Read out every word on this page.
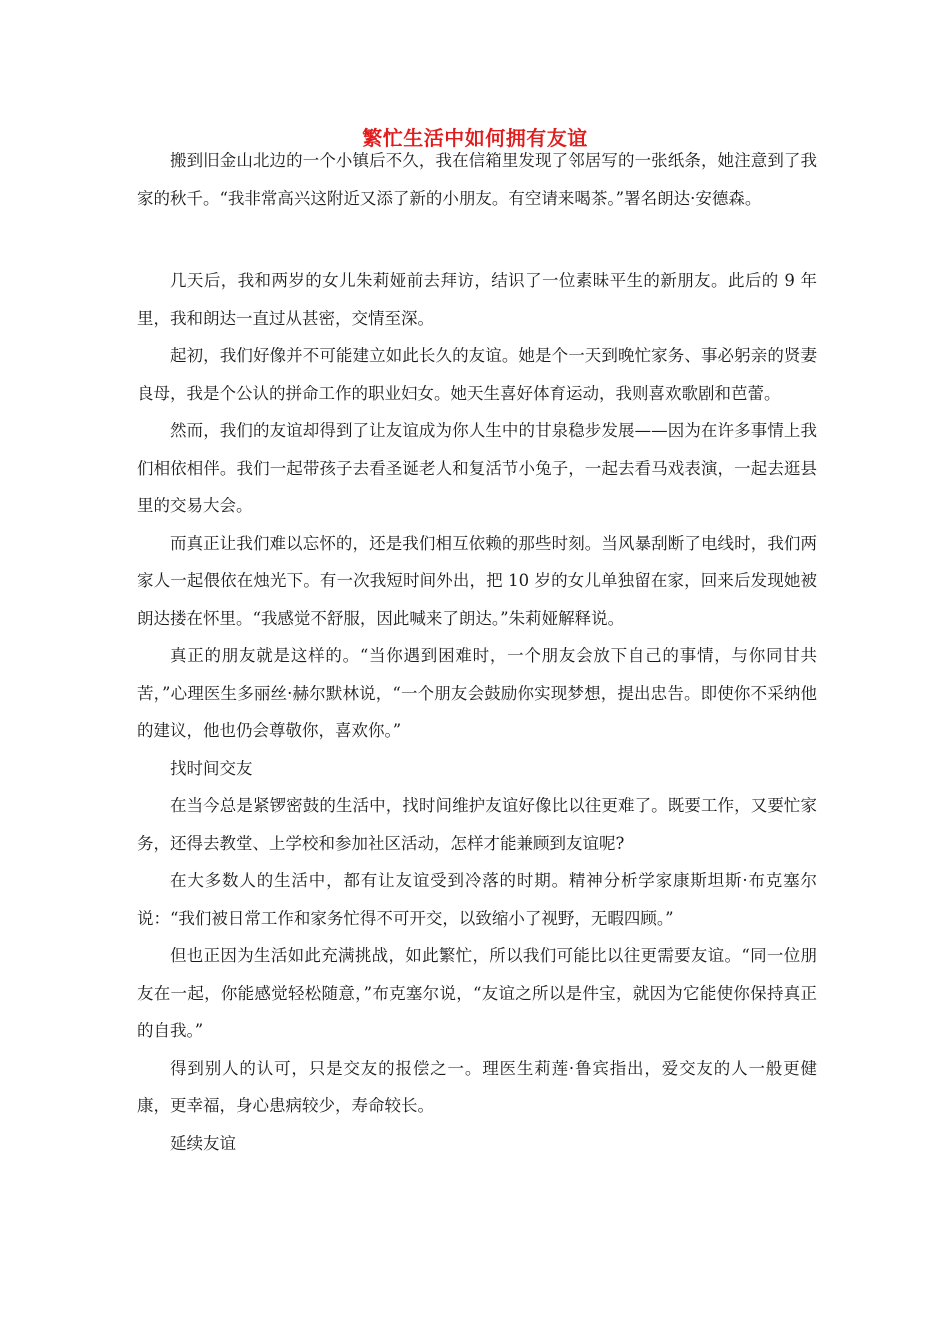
繁忙生活中如何拥有友谊

搬到旧金山北边的一个小镇后不久，我在信箱里发现了邻居写的一张纸条，她注意到了我家的秋千。“我非常高兴这附近又添了新的小朋友。有空请来喝茶。”署名朗达·安德森。

几天后，我和两岁的女儿朱莉娅前去拜访，结识了一位素昧平生的新朋友。此后的 9 年里，我和朗达一直过从甚密，交情至深。

起初，我们好像并不可能建立如此长久的友谊。她是个一天到晚忙家务、事必躬亲的贤妻良母，我是个公认的拼命工作的职业妇女。她天生喜好体育运动，我则喜欢歌剧和芭蕾。

然而，我们的友谊却得到了让友谊成为你人生中的甘泉稳步发展——因为在许多事情上我们相依相伴。我们一起带孩子去看圣诞老人和复活节小兔子，一起去看马戏表演，一起去逛县里的交易大会。

而真正让我们难以忘怀的，还是我们相互依赖的那些时刻。当风暴刮断了电线时，我们两家人一起偎依在烛光下。有一次我短时间外出，把 10 岁的女儿单独留在家，回来后发现她被朗达搂在怀里。“我感觉不舒服，因此喊来了朗达。”朱莉娅解释说。

真正的朋友就是这样的。“当你遇到困难时，一个朋友会放下自己的事情，与你同甘共苦，”心理医生多丽丝·赫尔默林说，“一个朋友会鼓励你实现梦想，提出忠告。即使你不采纳他的建议，他也仍会尊敬你，喜欢你。”

找时间交友

在当今总是紧锣密鼓的生活中，找时间维护友谊好像比以往更难了。既要工作，又要忙家务，还得去教堂、上学校和参加社区活动，怎样才能兼顾到友谊呢?

在大多数人的生活中，都有让友谊受到冷落的时期。精神分析学家康斯坦斯·布克塞尔说：“我们被日常工作和家务忙得不可开交，以致缩小了视野，无暇四顾。”

但也正因为生活如此充满挑战，如此繁忙，所以我们可能比以往更需要友谊。“同一位朋友在一起，你能感觉轻松随意，”布克塞尔说，“友谊之所以是件宝，就因为它能使你保持真正的自我。”

得到别人的认可，只是交友的报偿之一。理医生莉莲·鲁宾指出，爱交友的人一般更健康，更幸福，身心患病较少，寿命较长。

延续友谊
